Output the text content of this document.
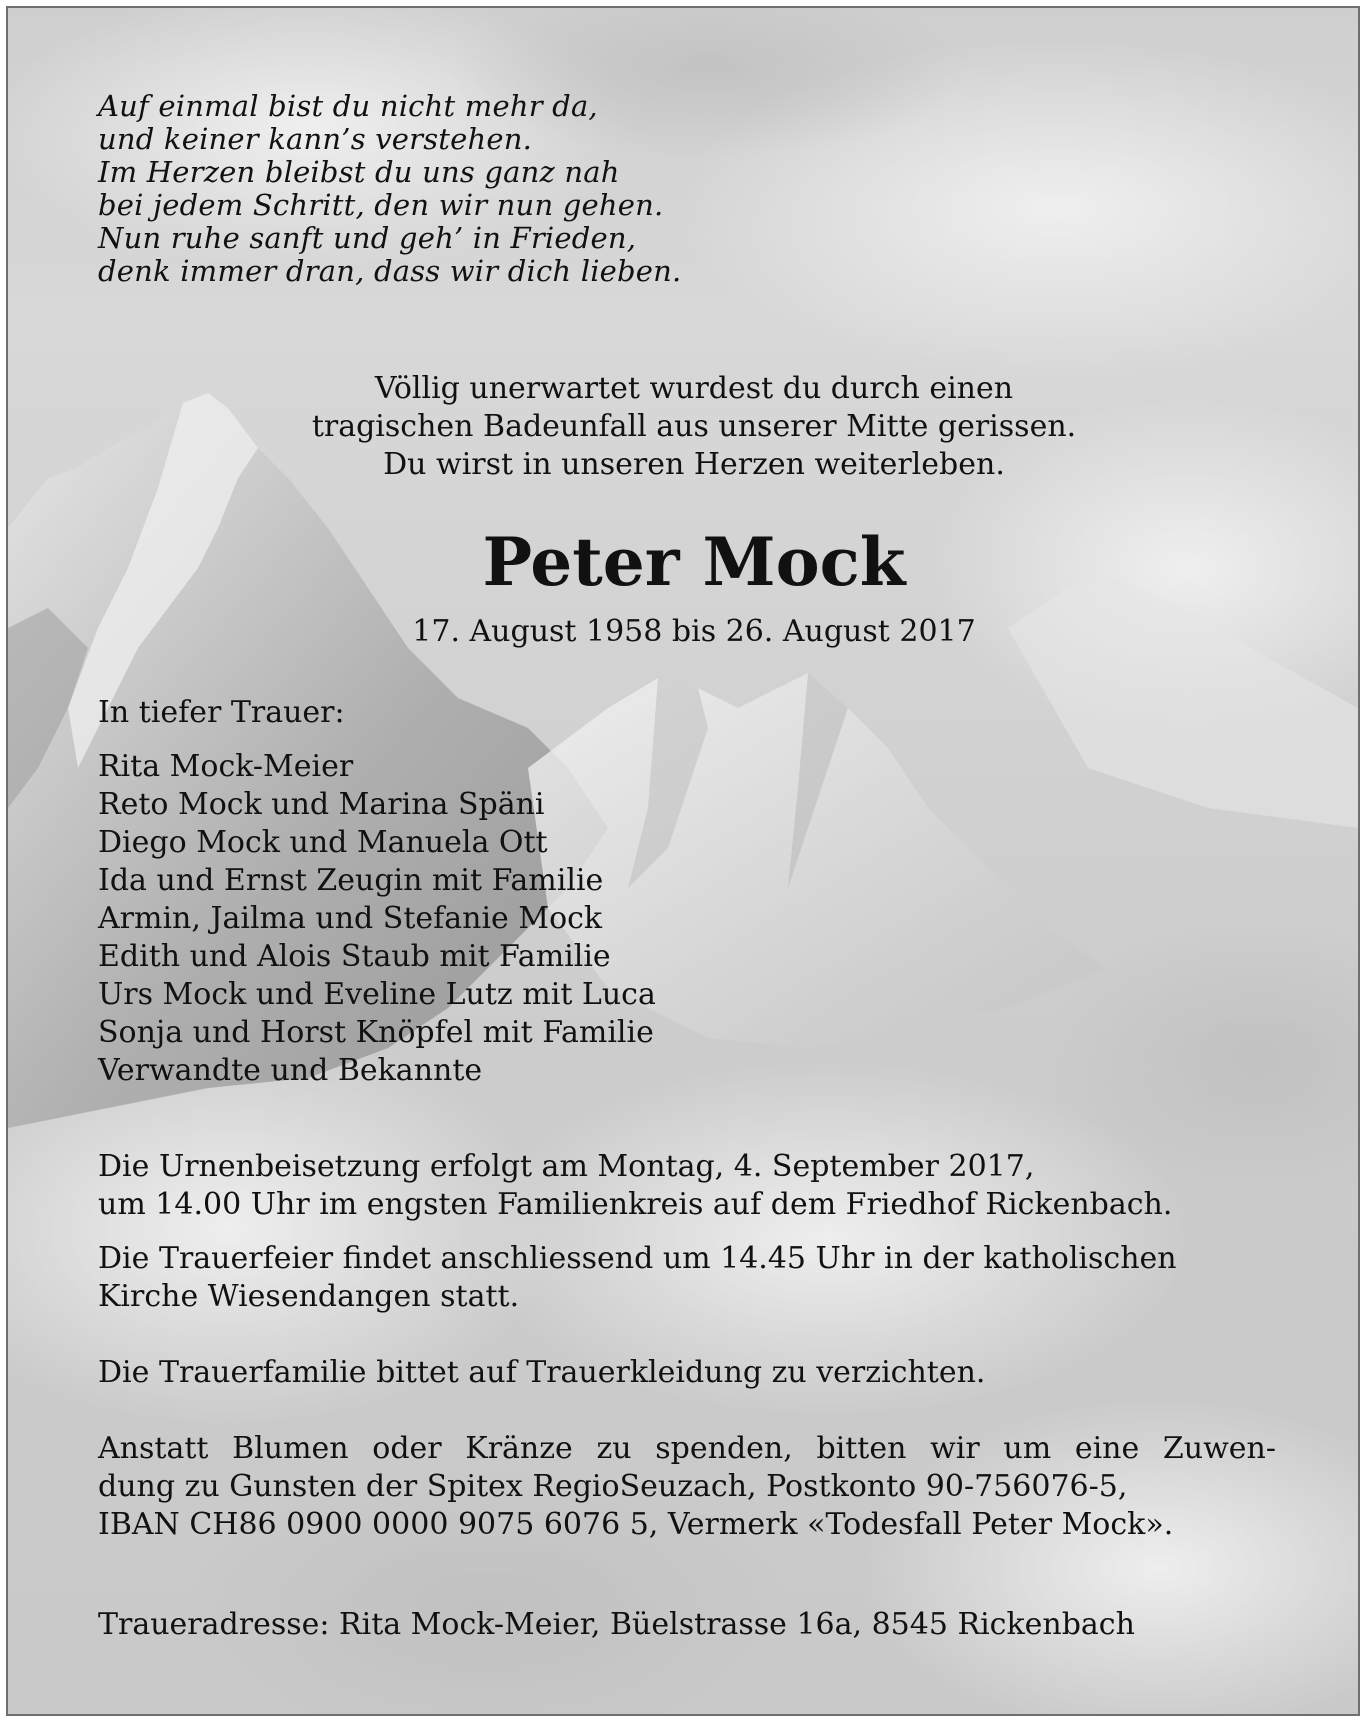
Auf einmal bist du nicht mehr da,
und keiner kann’s verstehen.
Im Herzen bleibst du uns ganz nah
bei jedem Schritt, den wir nun gehen.
Nun ruhe sanft und geh’ in Frieden,
denk immer dran, dass wir dich lieben.
Völlig unerwartet wurdest du durch einen
tragischen Badeunfall aus unserer Mitte gerissen.
Du wirst in unseren Herzen weiterleben.
Peter Mock
17. August 1958 bis 26. August 2017
In tiefer Trauer:
Rita Mock-Meier
Reto Mock und Marina Späni
Diego Mock und Manuela Ott
Ida und Ernst Zeugin mit Familie
Armin, Jailma und Stefanie Mock
Edith und Alois Staub mit Familie
Urs Mock und Eveline Lutz mit Luca
Sonja und Horst Knöpfel mit Familie
Verwandte und Bekannte
Die Urnenbeisetzung erfolgt am Montag, 4. September 2017,
um 14.00 Uhr im engsten Familienkreis auf dem Friedhof Rickenbach.
Die Trauerfeier findet anschliessend um 14.45 Uhr in der katholischen
Kirche Wiesendangen statt.
Die Trauerfamilie bittet auf Trauerkleidung zu verzichten.
Anstatt Blumen oder Kränze zu spenden, bitten wir um eine Zuwen-
dung zu Gunsten der Spitex RegioSeuzach, Postkonto 90-756076-5,
IBAN CH86 0900 0000 9075 6076 5, Vermerk «Todesfall Peter Mock».
Traueradresse: Rita Mock-Meier, Büelstrasse 16a, 8545 Rickenbach
